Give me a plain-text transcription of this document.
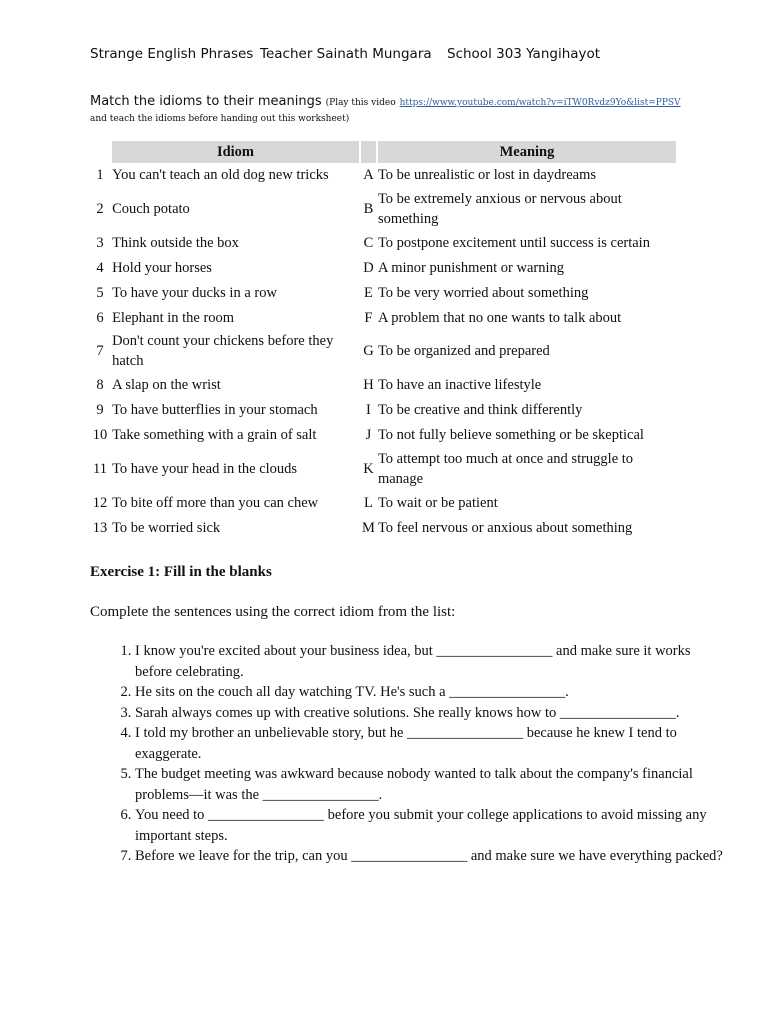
Strange English Phrases Teacher Sainath Mungara School 303 Yangihayot
Match the idioms to their meanings (Play this video https://www.youtube.com/watch?v=iTW0Rvdz9Yo&list=PPSV
and teach the idioms before handing out this worksheet)
	Idiom		Meaning
1	You can't teach an old dog new tricks	A	To be unrealistic or lost in daydreams
2	Couch potato	B	To be extremely anxious or nervous about something
3	Think outside the box	C	To postpone excitement until success is certain
4	Hold your horses	D	A minor punishment or warning
5	To have your ducks in a row	E	To be very worried about something
6	Elephant in the room	F	A problem that no one wants to talk about
7	Don't count your chickens before they hatch	G	To be organized and prepared
8	A slap on the wrist	H	To have an inactive lifestyle
9	To have butterflies in your stomach	I	To be creative and think differently
10	Take something with a grain of salt	J	To not fully believe something or be skeptical
11	To have your head in the clouds	K	To attempt too much at once and struggle to manage
12	To bite off more than you can chew	L	To wait or be patient
13	To be worried sick	M	To feel nervous or anxious about something
Exercise 1: Fill in the blanks
Complete the sentences using the correct idiom from the list:
1. I know you're excited about your business idea, but ________________ and make sure it works before celebrating.
2. He sits on the couch all day watching TV. He's such a ________________.
3. Sarah always comes up with creative solutions. She really knows how to ________________.
4. I told my brother an unbelievable story, but he ________________ because he knew I tend to exaggerate.
5. The budget meeting was awkward because nobody wanted to talk about the company's financial problems—it was the ________________.
6. You need to ________________ before you submit your college applications to avoid missing any important steps.
7. Before we leave for the trip, can you ________________ and make sure we have everything packed?
